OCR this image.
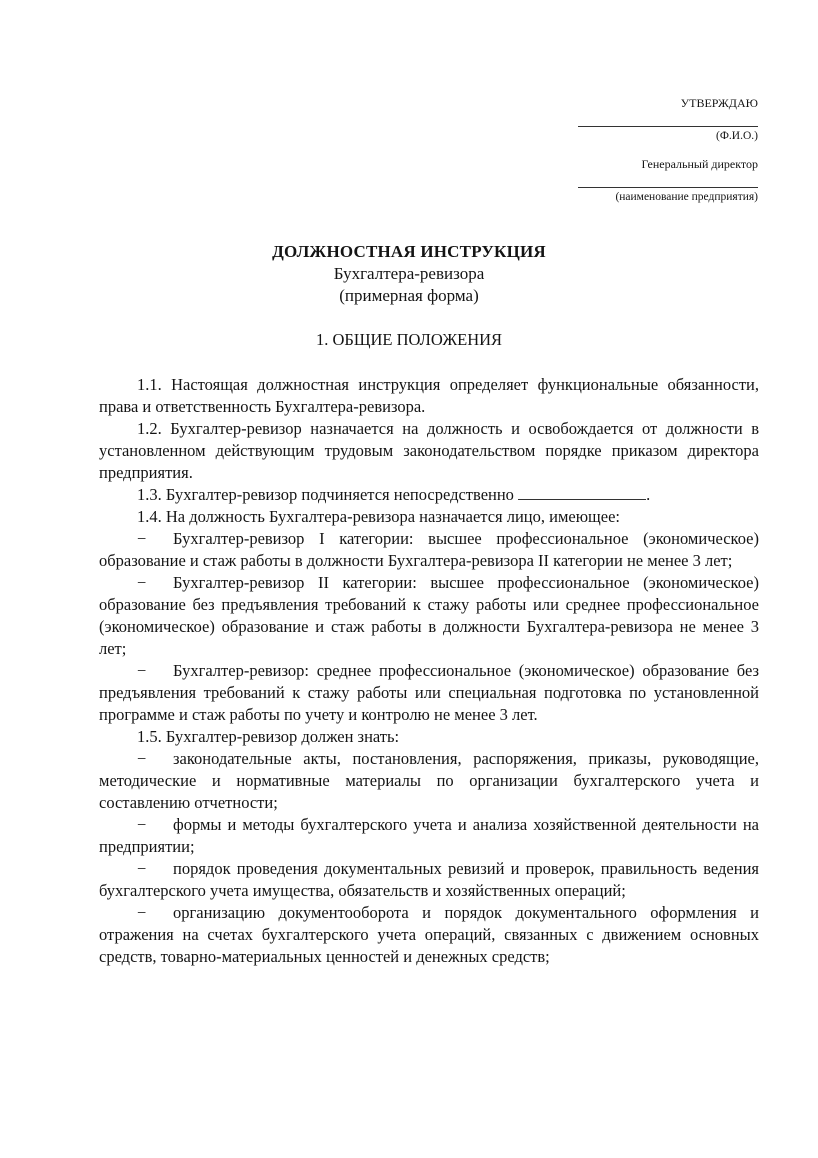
УТВЕРЖДАЮ
(Ф.И.О.)
Генеральный директор
(наименование предприятия)
ДОЛЖНОСТНАЯ ИНСТРУКЦИЯ
Бухгалтера-ревизора
(примерная форма)
1. ОБЩИЕ ПОЛОЖЕНИЯ

1.1. Настоящая должностная инструкция определяет функциональные обязанности, права и ответственность Бухгалтера-ревизора.

1.2. Бухгалтер-ревизор назначается на должность и освобождается от должности в установленном действующим трудовым законодательством порядке приказом директора предприятия.

1.3. Бухгалтер-ревизор подчиняется непосредственно	.

1.4. На должность Бухгалтера-ревизора назначается лицо, имеющее:

− Бухгалтер-ревизор I категории: высшее профессиональное (экономическое) образование и стаж работы в должности Бухгалтера-ревизора II категории не менее 3 лет;

− Бухгалтер-ревизор II категории: высшее профессиональное (экономическое) образование без предъявления требований к стажу работы или среднее профессиональное (экономическое) образование и стаж работы в должности Бухгалтера-ревизора не менее 3 лет;

− Бухгалтер-ревизор: среднее профессиональное (экономическое) образование без предъявления требований к стажу работы или специальная подготовка по установленной программе и стаж работы по учету и контролю не менее 3 лет.

1.5. Бухгалтер-ревизор должен знать:

− законодательные акты, постановления, распоряжения, приказы, руководящие, методические и нормативные материалы по организации бухгалтерского учета и составлению отчетности;

− формы и методы бухгалтерского учета и анализа хозяйственной деятельности на предприятии;

− порядок проведения документальных ревизий и проверок, правильность ведения бухгалтерского учета имущества, обязательств и хозяйственных операций;

− организацию документооборота и порядок документального оформления и отражения на счетах бухгалтерского учета операций, связанных с движением основных средств, товарно-материальных ценностей и денежных средств;
